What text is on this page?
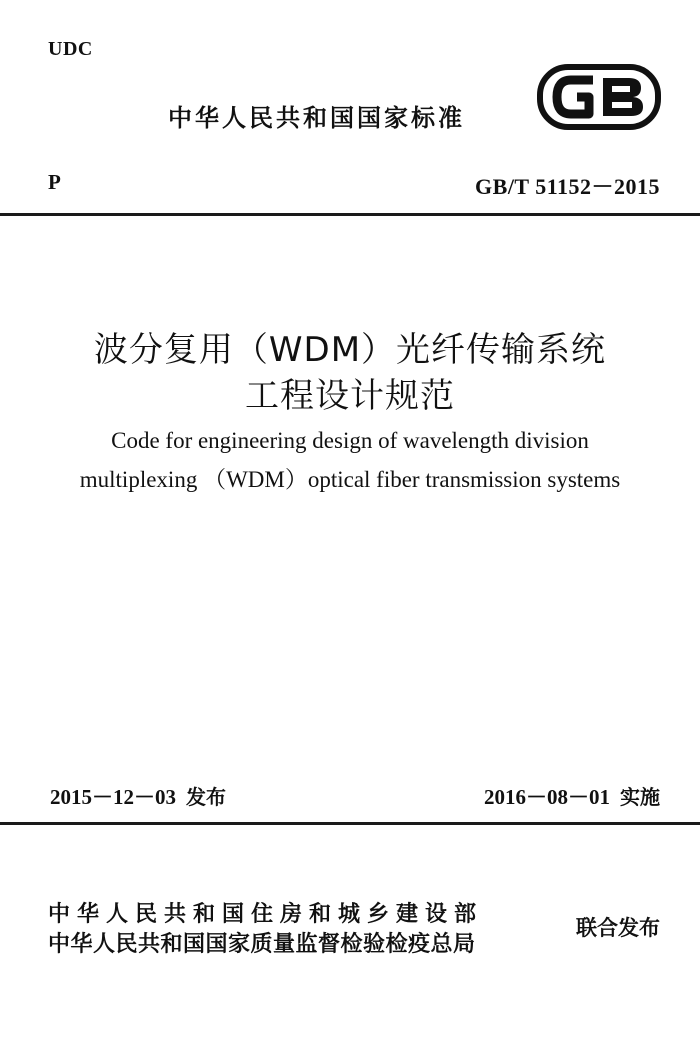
UDC
中华人民共和国国家标准
P	GB/T 51152－2015
波分复用（WDM）光纤传输系统
工程设计规范
Code for engineering design of wavelength division
multiplexing （WDM）optical fiber transmission systems
2015－12－03 发布	2016－08－01 实施
中华人民共和国住房和城乡建设部
中华人民共和国国家质量监督检验检疫总局
联合发布
